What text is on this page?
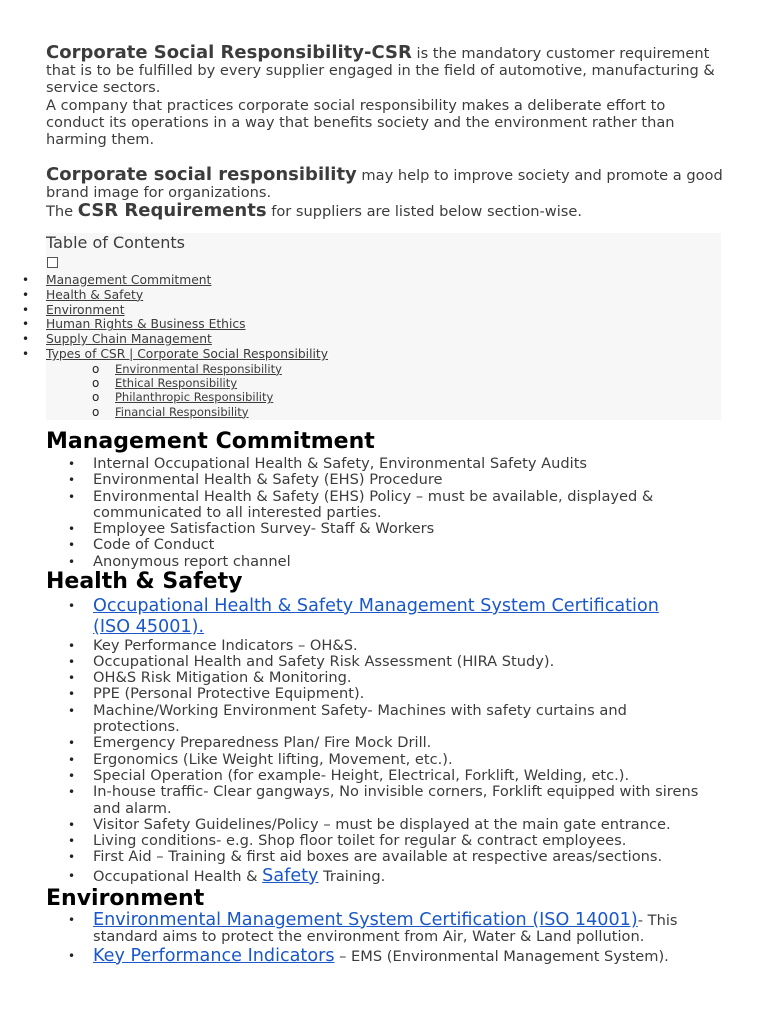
Corporate Social Responsibility-CSR is the mandatory customer requirement that is to be fulfilled by every supplier engaged in the field of automotive, manufacturing & service sectors.

A company that practices corporate social responsibility makes a deliberate effort to conduct its operations in a way that benefits society and the environment rather than harming them.

Corporate social responsibility may help to improve society and promote a good brand image for organizations.

The CSR Requirements for suppliers are listed below section-wise.

Table of Contents
• Management Commitment
• Health & Safety
• Environment
• Human Rights & Business Ethics
• Supply Chain Management
• Types of CSR | Corporate Social Responsibility
o Environmental Responsibility
o Ethical Responsibility
o Philanthropic Responsibility
o Financial Responsibility
Management Commitment
• Internal Occupational Health & Safety, Environmental Safety Audits
• Environmental Health & Safety (EHS) Procedure
• Environmental Health & Safety (EHS) Policy – must be available, displayed & communicated to all interested parties.
• Employee Satisfaction Survey- Staff & Workers
• Code of Conduct
• Anonymous report channel
Health & Safety
• Occupational Health & Safety Management System Certification (ISO 45001).
• Key Performance Indicators – OH&S.
• Occupational Health and Safety Risk Assessment (HIRA Study).
• OH&S Risk Mitigation & Monitoring.
• PPE (Personal Protective Equipment).
• Machine/Working Environment Safety- Machines with safety curtains and protections.
• Emergency Preparedness Plan/ Fire Mock Drill.
• Ergonomics (Like Weight lifting, Movement, etc.).
• Special Operation (for example- Height, Electrical, Forklift, Welding, etc.).
• In-house traffic- Clear gangways, No invisible corners, Forklift equipped with sirens and alarm.
• Visitor Safety Guidelines/Policy – must be displayed at the main gate entrance.
• Living conditions- e.g. Shop floor toilet for regular & contract employees.
• First Aid – Training & first aid boxes are available at respective areas/sections.
• Occupational Health & Safety Training.
Environment
• Environmental Management System Certification (ISO 14001)- This standard aims to protect the environment from Air, Water & Land pollution.
• Key Performance Indicators – EMS (Environmental Management System).
